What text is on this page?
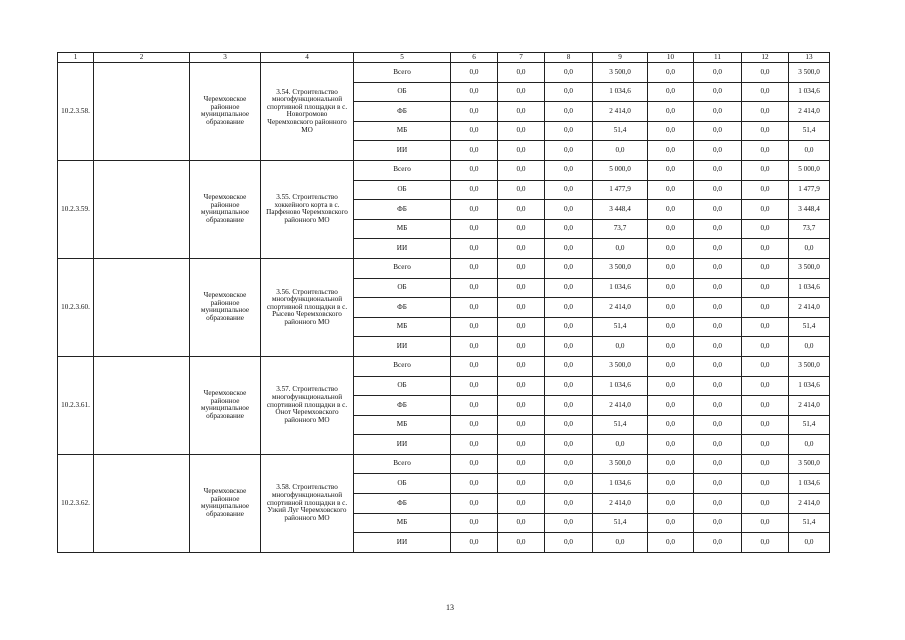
1	2	3	4	5	6	7	8	9	10	11	12	13
10.2.3.58.		Черемховское районное муниципальное образование	3.54. Строительство многофункциональной спортивной площадки в с. Новогромово Черемховского районного МО	Всего	0,0	0,0	0,0	3 500,0	0,0	0,0	0,0	3 500,0
				ОБ	0,0	0,0	0,0	1 034,6	0,0	0,0	0,0	1 034,6
				ФБ	0,0	0,0	0,0	2 414,0	0,0	0,0	0,0	2 414,0
				МБ	0,0	0,0	0,0	51,4	0,0	0,0	0,0	51,4
				ИИ	0,0	0,0	0,0	0,0	0,0	0,0	0,0	0,0
10.2.3.59.		Черемховское районное муниципальное образование	3.55. Строительство хоккейного корта в с. Парфеново Черемховского районного МО	Всего	0,0	0,0	0,0	5 000,0	0,0	0,0	0,0	5 000,0
				ОБ	0,0	0,0	0,0	1 477,9	0,0	0,0	0,0	1 477,9
				ФБ	0,0	0,0	0,0	3 448,4	0,0	0,0	0,0	3 448,4
				МБ	0,0	0,0	0,0	73,7	0,0	0,0	0,0	73,7
				ИИ	0,0	0,0	0,0	0,0	0,0	0,0	0,0	0,0
10.2.3.60.		Черемховское районное муниципальное образование	3.56. Строительство многофункциональной спортивной площадки в с. Рысево Черемховского районного МО	Всего	0,0	0,0	0,0	3 500,0	0,0	0,0	0,0	3 500,0
				ОБ	0,0	0,0	0,0	1 034,6	0,0	0,0	0,0	1 034,6
				ФБ	0,0	0,0	0,0	2 414,0	0,0	0,0	0,0	2 414,0
				МБ	0,0	0,0	0,0	51,4	0,0	0,0	0,0	51,4
				ИИ	0,0	0,0	0,0	0,0	0,0	0,0	0,0	0,0
10.2.3.61.		Черемховское районное муниципальное образование	3.57. Строительство многофункциональной спортивной площадки в с. Онот Черемховского районного МО	Всего	0,0	0,0	0,0	3 500,0	0,0	0,0	0,0	3 500,0
				ОБ	0,0	0,0	0,0	1 034,6	0,0	0,0	0,0	1 034,6
				ФБ	0,0	0,0	0,0	2 414,0	0,0	0,0	0,0	2 414,0
				МБ	0,0	0,0	0,0	51,4	0,0	0,0	0,0	51,4
				ИИ	0,0	0,0	0,0	0,0	0,0	0,0	0,0	0,0
10.2.3.62.		Черемховское районное муниципальное образование	3.58. Строительство многофункциональной спортивной площадки в с. Узкий Луг Черемховского районного МО	Всего	0,0	0,0	0,0	3 500,0	0,0	0,0	0,0	3 500,0
				ОБ	0,0	0,0	0,0	1 034,6	0,0	0,0	0,0	1 034,6
				ФБ	0,0	0,0	0,0	2 414,0	0,0	0,0	0,0	2 414,0
				МБ	0,0	0,0	0,0	51,4	0,0	0,0	0,0	51,4
				ИИ	0,0	0,0	0,0	0,0	0,0	0,0	0,0	0,0
13
